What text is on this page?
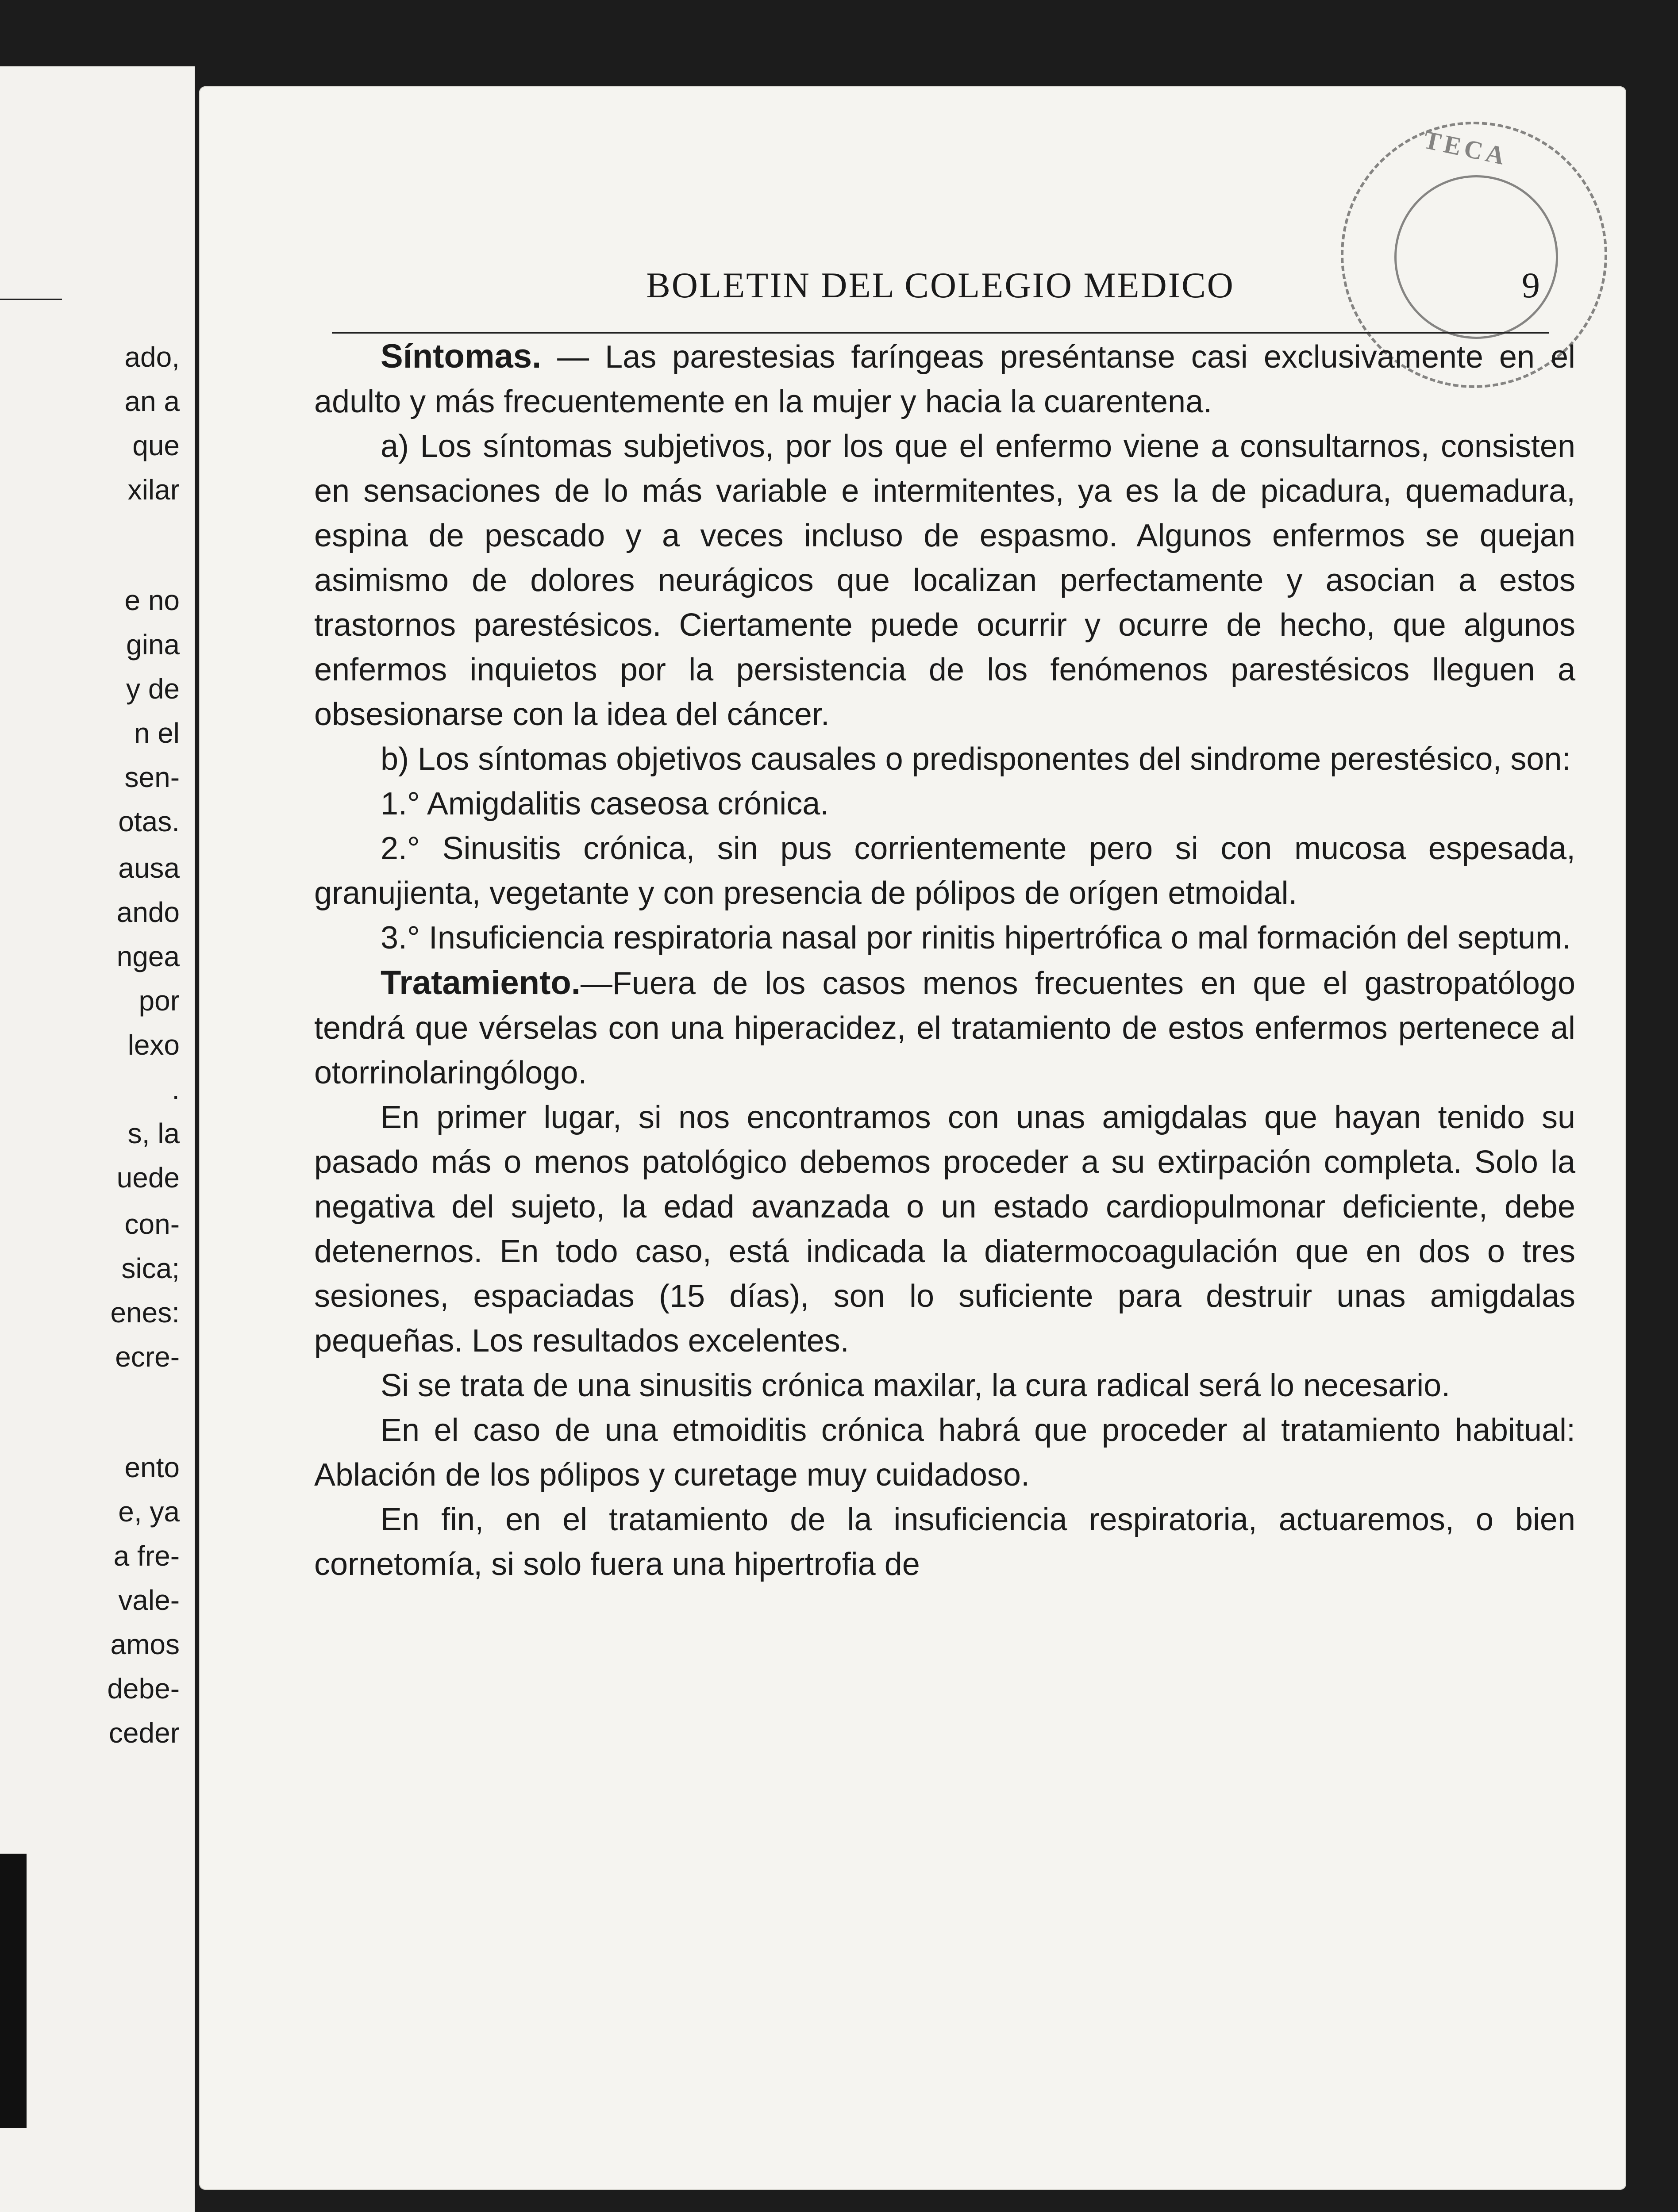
ado,
an a
que
xilar
e no
gina
y de
n el
sen-
otas.
ausa
ando
ngea
por
lexo
.
s, la
uede
con-
sica;
enes:
ecre-
ento
e, ya
a fre-
vale-
amos
debe-
ceder
BOLETIN DEL COLEGIO MEDICO	9
TECA

Síntomas. — Las parestesias faríngeas preséntanse casi exclusivamente en el adulto y más frecuentemente en la mujer y hacia la cuarentena.

a) Los síntomas subjetivos, por los que el enfermo viene a consultarnos, consisten en sensaciones de lo más variable e intermitentes, ya es la de picadura, quemadura, espina de pescado y a veces incluso de espasmo. Algunos enfermos se quejan asimismo de dolores neurágicos que localizan perfectamente y asocian a estos trastornos parestésicos. Ciertamente puede ocurrir y ocurre de hecho, que algunos enfermos inquietos por la persistencia de los fenómenos parestésicos lleguen a obsesionarse con la idea del cáncer.

b) Los síntomas objetivos causales o predisponentes del sindrome perestésico, son:

1.° Amigdalitis caseosa crónica.

2.° Sinusitis crónica, sin pus corrientemente pero si con mucosa espesada, granujienta, vegetante y con presencia de pólipos de orígen etmoidal.

3.° Insuficiencia respiratoria nasal por rinitis hipertrófica o mal formación del septum.

Tratamiento.—Fuera de los casos menos frecuentes en que el gastropatólogo tendrá que vérselas con una hiperacidez, el tratamiento de estos enfermos pertenece al otorrinolaringólogo.

En primer lugar, si nos encontramos con unas amigdalas que hayan tenido su pasado más o menos patológico debemos proceder a su extirpación completa. Solo la negativa del sujeto, la edad avanzada o un estado cardiopulmonar deficiente, debe detenernos. En todo caso, está indicada la diatermocoagulación que en dos o tres sesiones, espaciadas (15 días), son lo suficiente para destruir unas amigdalas pequeñas. Los resultados excelentes.

Si se trata de una sinusitis crónica maxilar, la cura radical será lo necesario.

En el caso de una etmoiditis crónica habrá que proceder al tratamiento habitual: Ablación de los pólipos y curetage muy cuidadoso.

En fin, en el tratamiento de la insuficiencia respiratoria, actuaremos, o bien cornetomía, si solo fuera una hipertrofia de
